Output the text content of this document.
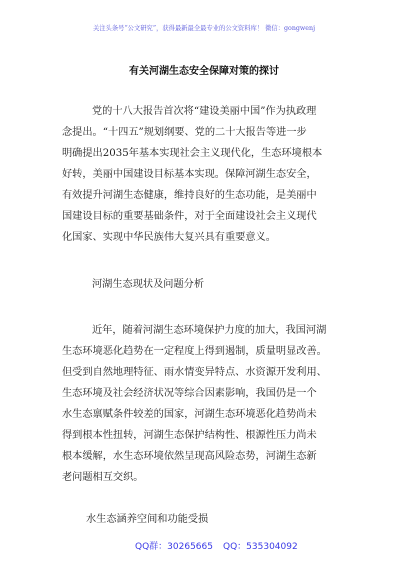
关注头条号“公文研究”，获得最新最全最专业的公文资料库！ 微信：gongwenj
有关河湖生态安全保障对策的探讨
党的十八大报告首次将“建设美丽中国”作为执政理
念提出。“十四五”规划纲要、党的二十大报告等进一步
明确提出2035年基本实现社会主义现代化，生态环境根本
好转，美丽中国建设目标基本实现。保障河湖生态安全，
有效提升河湖生态健康，维持良好的生态功能，是美丽中
国建设目标的重要基础条件，对于全面建设社会主义现代
化国家、实现中华民族伟大复兴具有重要意义。
河湖生态现状及问题分析
近年，随着河湖生态环境保护力度的加大，我国河湖
生态环境恶化趋势在一定程度上得到遏制，质量明显改善。
但受到自然地理特征、雨水情变异特点、水资源开发利用、
生态环境及社会经济状况等综合因素影响，我国仍是一个
水生态禀赋条件较差的国家，河湖生态环境恶化趋势尚未
得到根本性扭转，河湖生态保护结构性、根源性压力尚未
根本缓解，水生态环境依然呈现高风险态势，河湖生态新
老问题相互交织。
水生态涵养空间和功能受损
QQ群：30265665 QQ：535304092
